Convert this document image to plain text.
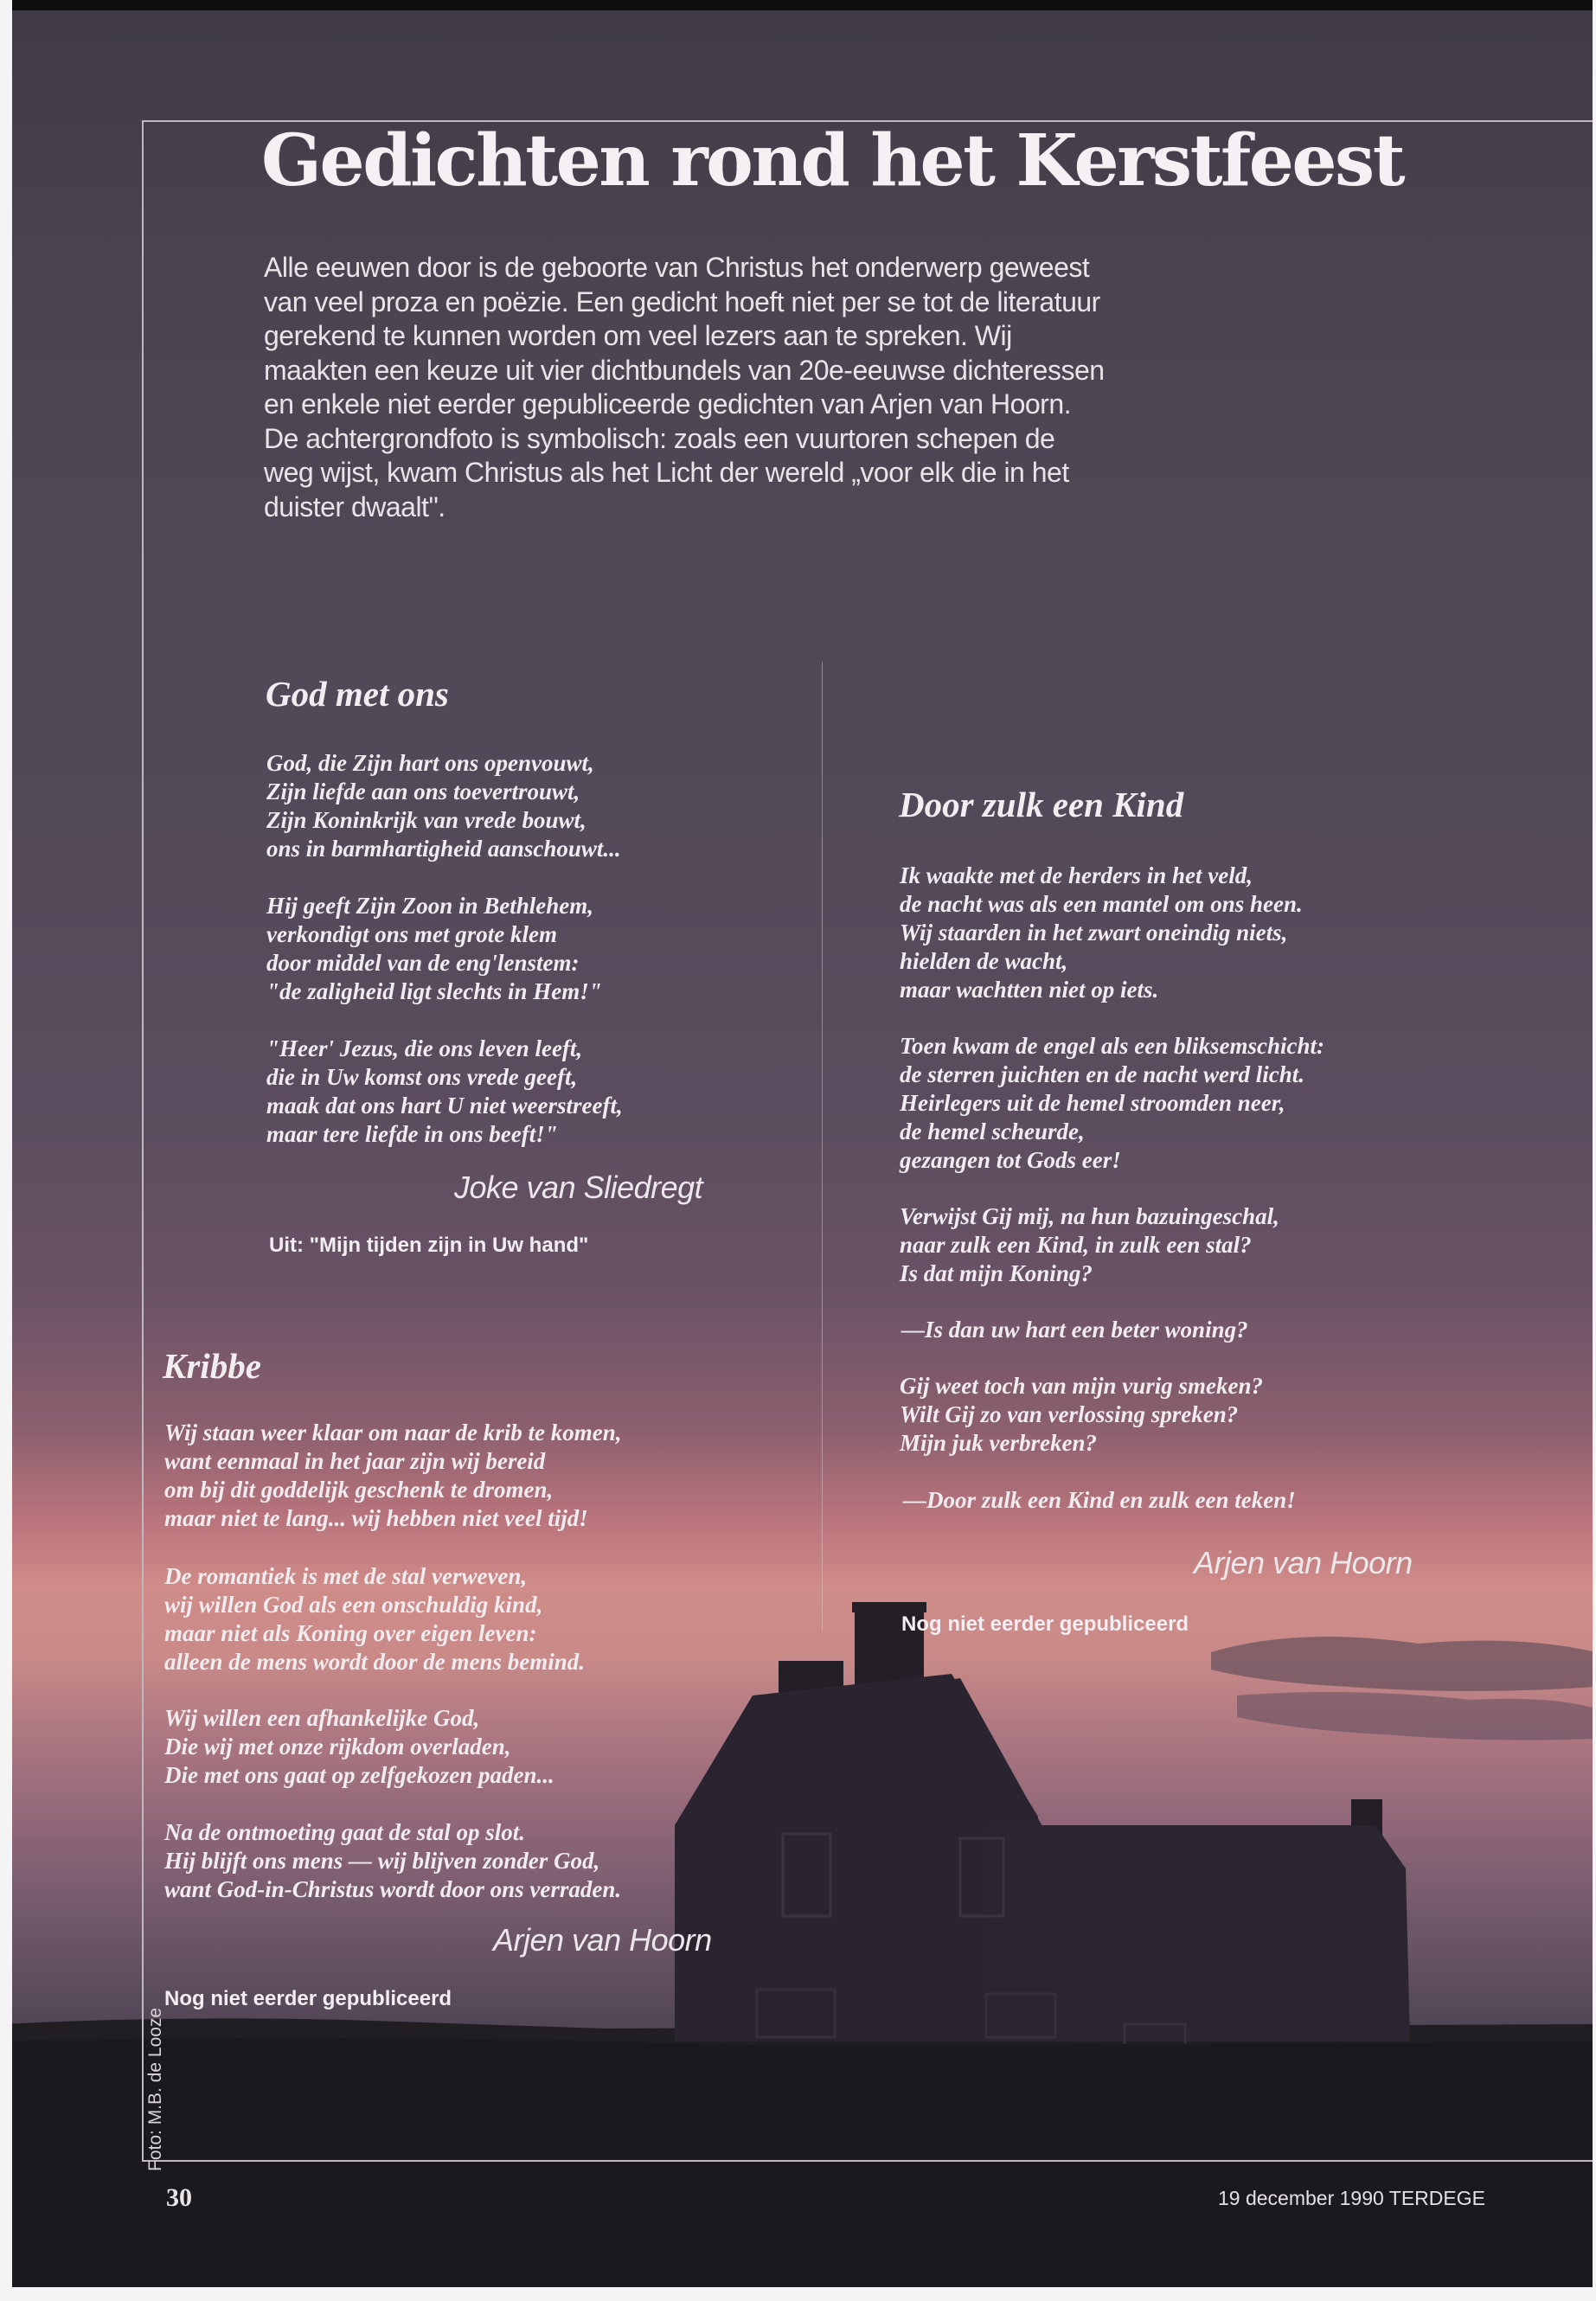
Gedichten rond het Kerstfeest
Alle eeuwen door is de geboorte van Christus het onderwerp geweest
van veel proza en poëzie. Een gedicht hoeft niet per se tot de literatuur
gerekend te kunnen worden om veel lezers aan te spreken. Wij
maakten een keuze uit vier dichtbundels van 20e-eeuwse dichteressen
en enkele niet eerder gepubliceerde gedichten van Arjen van Hoorn.
De achtergrondfoto is symbolisch: zoals een vuurtoren schepen de
weg wijst, kwam Christus als het Licht der wereld „voor elk die in het
duister dwaalt".
God met ons
God, die Zijn hart ons openvouwt,
Zijn liefde aan ons toevertrouwt,
Zijn Koninkrijk van vrede bouwt,
ons in barmhartigheid aanschouwt...
Hij geeft Zijn Zoon in Bethlehem,
verkondigt ons met grote klem
door middel van de eng'lenstem:
"de zaligheid ligt slechts in Hem!"
"Heer' Jezus, die ons leven leeft,
die in Uw komst ons vrede geeft,
maak dat ons hart U niet weerstreeft,
maar tere liefde in ons beeft!"
Joke van Sliedregt
Uit: "Mijn tijden zijn in Uw hand"
Kribbe
Wij staan weer klaar om naar de krib te komen,
want eenmaal in het jaar zijn wij bereid
om bij dit goddelijk geschenk te dromen,
maar niet te lang... wij hebben niet veel tijd!
De romantiek is met de stal verweven,
wij willen God als een onschuldig kind,
maar niet als Koning over eigen leven:
alleen de mens wordt door de mens bemind.
Wij willen een afhankelijke God,
Die wij met onze rijkdom overladen,
Die met ons gaat op zelfgekozen paden...
Na de ontmoeting gaat de stal op slot.
Hij blijft ons mens — wij blijven zonder God,
want God-in-Christus wordt door ons verraden.
Arjen van Hoorn
Nog niet eerder gepubliceerd
Door zulk een Kind
Ik waakte met de herders in het veld,
de nacht was als een mantel om ons heen.
Wij staarden in het zwart oneindig niets,
hielden de wacht,
maar wachtten niet op iets.
Toen kwam de engel als een bliksemschicht:
de sterren juichten en de nacht werd licht.
Heirlegers uit de hemel stroomden neer,
de hemel scheurde,
gezangen tot Gods eer!
Verwijst Gij mij, na hun bazuingeschal,
naar zulk een Kind, in zulk een stal?
Is dat mijn Koning?
—Is dan uw hart een beter woning?
Gij weet toch van mijn vurig smeken?
Wilt Gij zo van verlossing spreken?
Mijn juk verbreken?
—Door zulk een Kind en zulk een teken!
Arjen van Hoorn
Nog niet eerder gepubliceerd
Foto: M.B. de Looze
30	19 december 1990 TERDEGE
